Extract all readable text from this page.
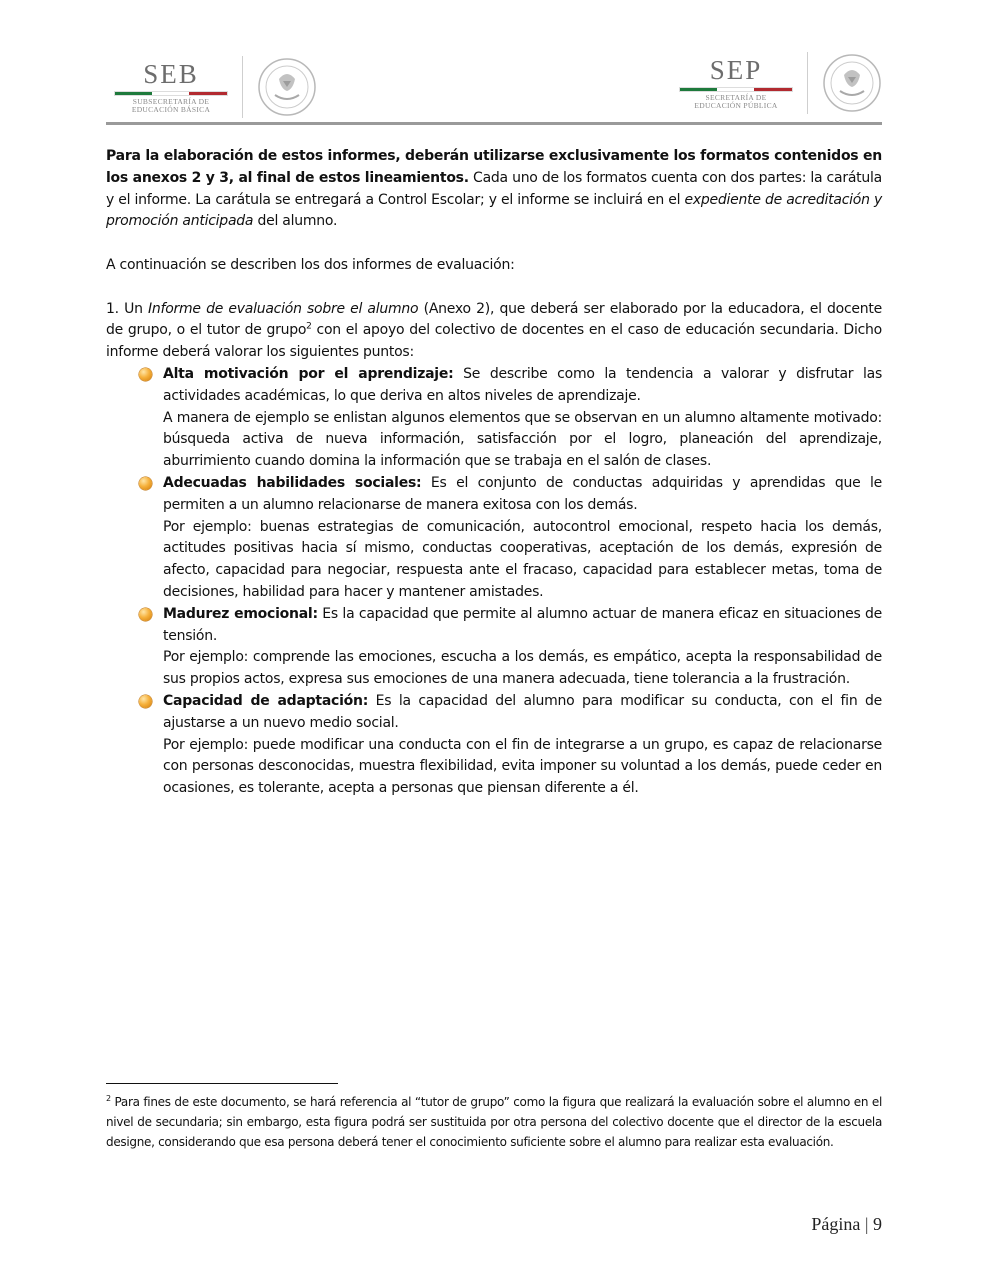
SEB
SUBSECRETARÍA DE
EDUCACIÓN BÁSICA
SEP
SECRETARÍA DE
EDUCACIÓN PÚBLICA

Para la elaboración de estos informes, deberán utilizarse exclusivamente los formatos contenidos en los anexos 2 y 3, al final de estos lineamientos. Cada uno de los formatos cuenta con dos partes: la carátula y el informe. La carátula se entregará a Control Escolar; y el informe se incluirá en el expediente de acreditación y promoción anticipada del alumno.

A continuación se describen los dos informes de evaluación:

1. Un Informe de evaluación sobre el alumno (Anexo 2), que deberá ser elaborado por la educadora, el docente de grupo, o el tutor de grupo$^2$ con el apoyo del colectivo de docentes en el caso de educación secundaria. Dicho informe deberá valorar los siguientes puntos:

Alta motivación por el aprendizaje: Se describe como la tendencia a valorar y disfrutar las actividades académicas, lo que deriva en altos niveles de aprendizaje.

A manera de ejemplo se enlistan algunos elementos que se observan en un alumno altamente motivado: búsqueda activa de nueva información, satisfacción por el logro, planeación del aprendizaje, aburrimiento cuando domina la información que se trabaja en el salón de clases.

Adecuadas habilidades sociales: Es el conjunto de conductas adquiridas y aprendidas que le permiten a un alumno relacionarse de manera exitosa con los demás.

Por ejemplo: buenas estrategias de comunicación, autocontrol emocional, respeto hacia los demás, actitudes positivas hacia sí mismo, conductas cooperativas, aceptación de los demás, expresión de afecto, capacidad para negociar, respuesta ante el fracaso, capacidad para establecer metas, toma de decisiones, habilidad para hacer y mantener amistades.

Madurez emocional: Es la capacidad que permite al alumno actuar de manera eficaz en situaciones de tensión.

Por ejemplo: comprende las emociones, escucha a los demás, es empático, acepta la responsabilidad de sus propios actos, expresa sus emociones de una manera adecuada, tiene tolerancia a la frustración.

Capacidad de adaptación: Es la capacidad del alumno para modificar su conducta, con el fin de ajustarse a un nuevo medio social.

Por ejemplo: puede modificar una conducta con el fin de integrarse a un grupo, es capaz de relacionarse con personas desconocidas, muestra flexibilidad, evita imponer su voluntad a los demás, puede ceder en ocasiones, es tolerante, acepta a personas que piensan diferente a él.

$^2$ Para fines de este documento, se hará referencia al “tutor de grupo” como la figura que realizará la evaluación sobre el alumno en el nivel de secundaria; sin embargo, esta figura podrá ser sustituida por otra persona del colectivo docente que el director de la escuela designe, considerando que esa persona deberá tener el conocimiento suficiente sobre el alumno para realizar esta evaluación.
Página | 9
